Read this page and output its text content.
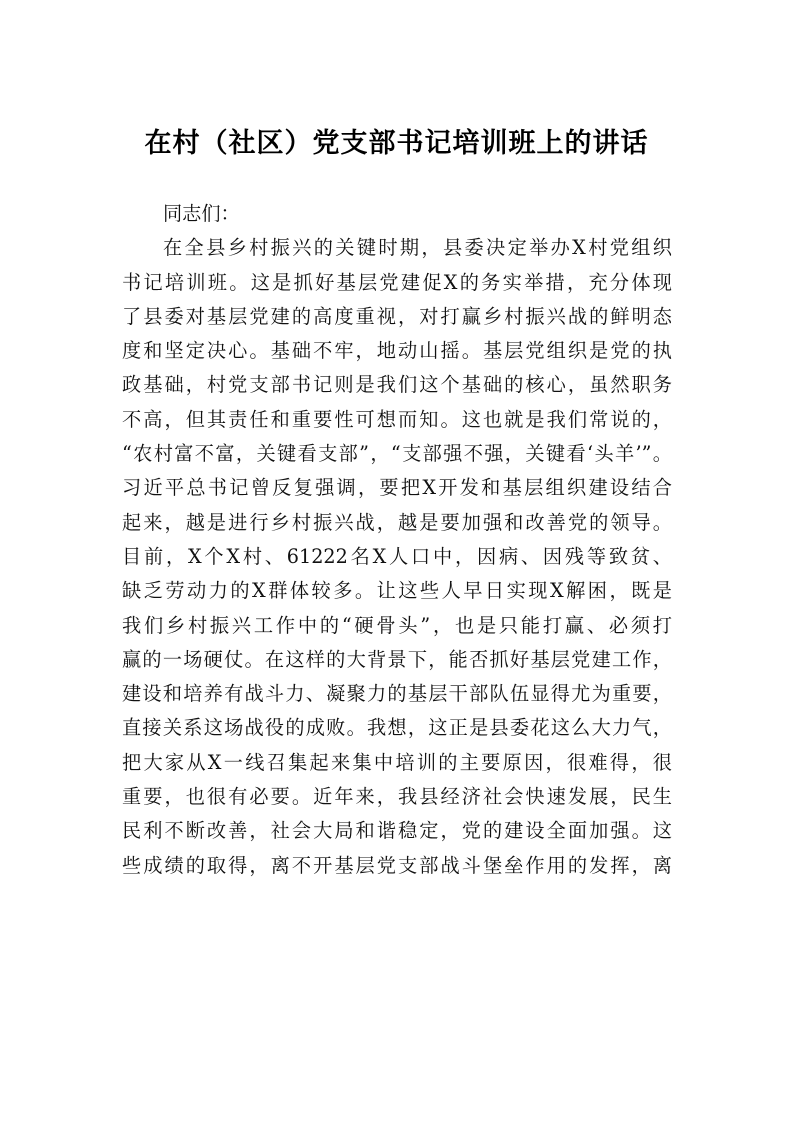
在村（社区）党支部书记培训班上的讲话
同志们：
在全县乡村振兴的关键时期，县委决定举办X村党组织
书记培训班。这是抓好基层党建促X的务实举措，充分体现
了县委对基层党建的高度重视，对打赢乡村振兴战的鲜明态
度和坚定决心。基础不牢，地动山摇。基层党组织是党的执
政基础，村党支部书记则是我们这个基础的核心，虽然职务
不高，但其责任和重要性可想而知。这也就是我们常说的，
“农村富不富，关键看支部”，“支部强不强，关键看‘头羊’”。
习近平总书记曾反复强调，要把X开发和基层组织建设结合
起来，越是进行乡村振兴战，越是要加强和改善党的领导。
目前，X个X村、61222名X人口中，因病、因残等致贫、
缺乏劳动力的X群体较多。让这些人早日实现X解困，既是
我们乡村振兴工作中的“硬骨头”，也是只能打赢、必须打
赢的一场硬仗。在这样的大背景下，能否抓好基层党建工作，
建设和培养有战斗力、凝聚力的基层干部队伍显得尤为重要，
直接关系这场战役的成败。我想，这正是县委花这么大力气，
把大家从X一线召集起来集中培训的主要原因，很难得，很
重要，也很有必要。近年来，我县经济社会快速发展，民生
民利不断改善，社会大局和谐稳定，党的建设全面加强。这
些成绩的取得，离不开基层党支部战斗堡垒作用的发挥，离
